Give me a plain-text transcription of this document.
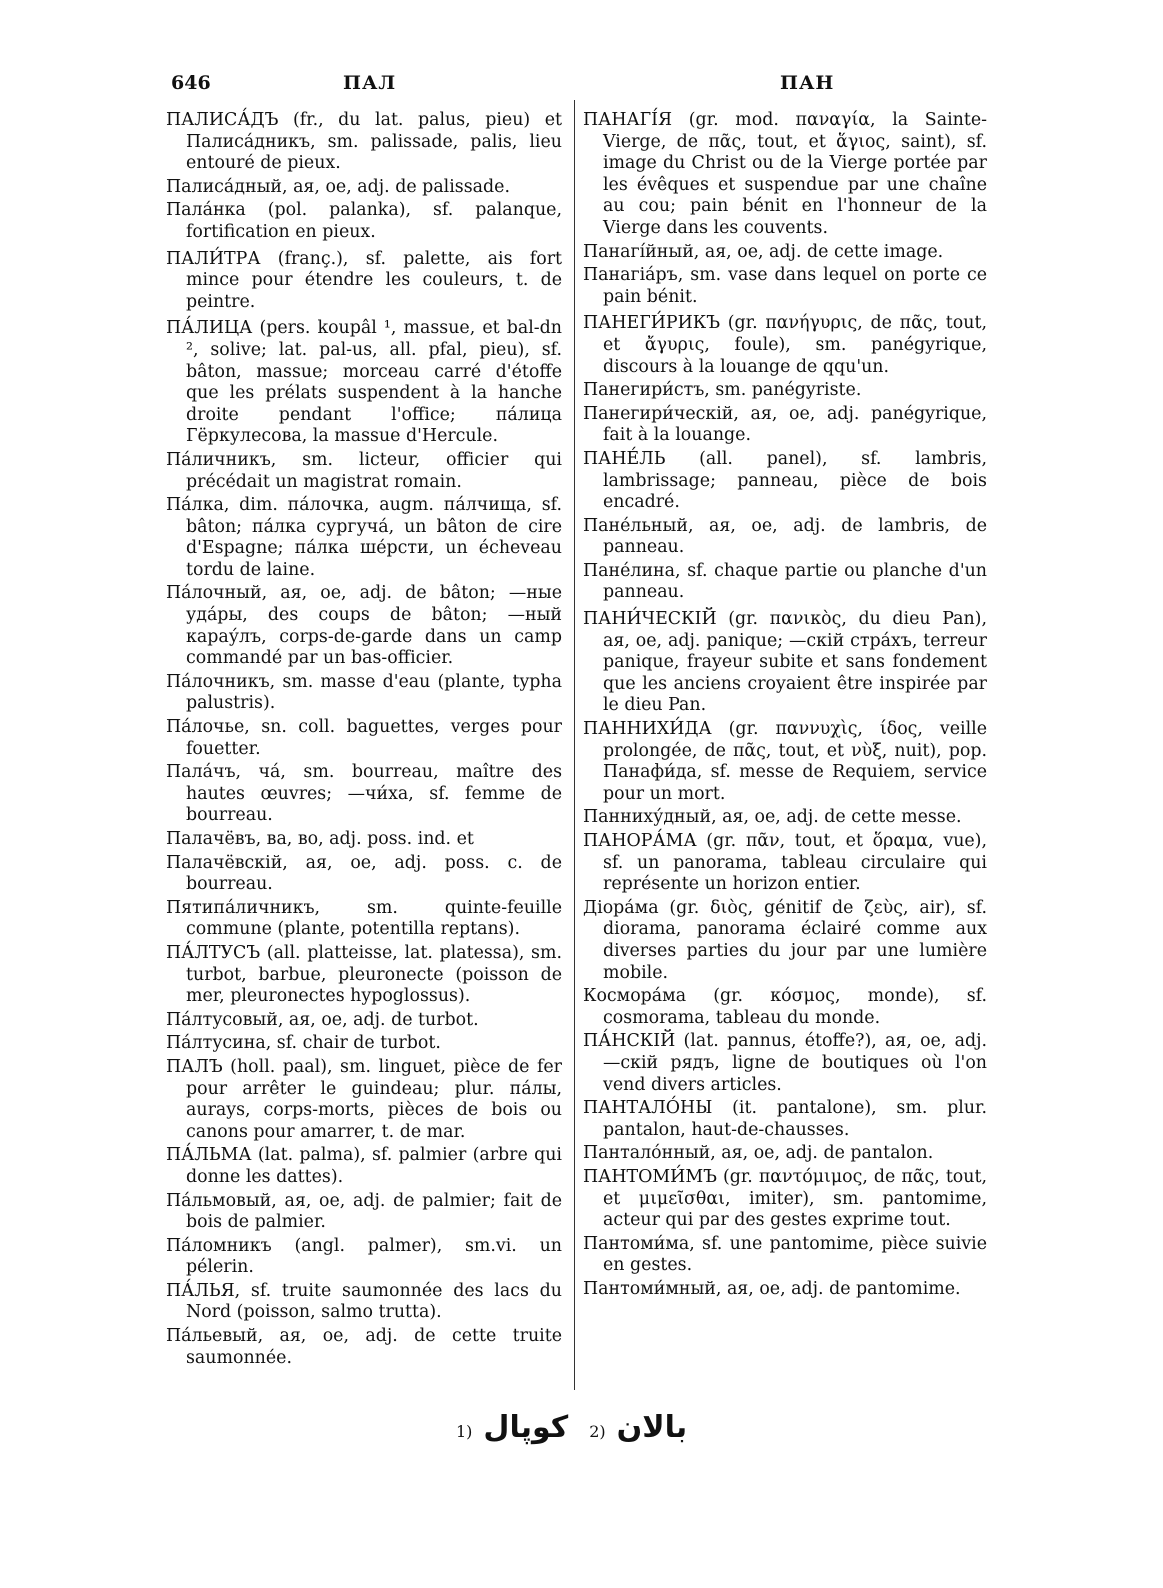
646	ПАЛ	ПАН

ПАЛИСА́ДЪ (fr., du lat. palus, pieu) et Палиса́дникъ, sm. palissade, palis, lieu entouré de pieux.

Палиса́дный, ая, ое, adj. de palissade.

Пала́нка (pol. palanka), sf. palanque, fortification en pieux.

ПАЛИ́ТРА (franç.), sf. palette, ais fort mince pour étendre les couleurs, t. de peintre.

ПА́ЛИЦА (pers. koupâl ¹, massue, et bal-dn ², solive; lat. pal-us, all. pfal, pieu), sf. bâton, massue; morceau carré d'étoffe que les prélats suspendent à la hanche droite pendant l'office; па́лица Гёркулесова, la massue d'Hercule.

Па́личникъ, sm. licteur, officier qui précédait un magistrat romain.

Па́лка, dim. па́лочка, augm. па́лчища, sf. bâton; па́лка сургуча́, un bâton de cire d'Espagne; па́лка ше́рсти, un écheveau tordu de laine.

Па́лочный, ая, ое, adj. de bâton; —ные уда́ры, des coups de bâton; —ный карау́лъ, corps-de-garde dans un camp commandé par un bas-officier.

Па́лочникъ, sm. masse d'eau (plante, typha palustris).

Па́лочье, sn. coll. baguettes, verges pour fouetter.

Пала́чъ, ча́, sm. bourreau, maître des hautes œuvres; —чи́ха, sf. femme de bourreau.

Палачёвъ, ва, во, adj. poss. ind. et

Палачёвскій, ая, ое, adj. poss. c. de bourreau.

Пятипа́личникъ, sm. quinte-feuille commune (plante, potentilla reptans).

ПА́ЛТУСЪ (all. platteisse, lat. platessa), sm. turbot, barbue, pleuronecte (poisson de mer, pleuronectes hypoglossus).

Па́лтусовый, ая, ое, adj. de turbot.

Па́лтусина, sf. chair de turbot.

ПАЛЪ (holl. paal), sm. linguet, pièce de fer pour arrêter le guindeau; plur. па́лы, aurays, corps-morts, pièces de bois ou canons pour amarrer, t. de mar.

ПА́ЛЬМА (lat. palma), sf. palmier (arbre qui donne les dattes).

Па́льмовый, ая, ое, adj. de palmier; fait de bois de palmier.

Па́ломникъ (angl. palmer), sm.vi. un pélerin.

ПА́ЛЬЯ, sf. truite saumonnée des lacs du Nord (poisson, salmo trutta).

Па́льевый, ая, ое, adj. de cette truite saumonnée.

ПАНАГІ́Я (gr. mod. παναγία, la Sainte-Vierge, de πᾶς, tout, et ἅγιος, saint), sf. image du Christ ou de la Vierge portée par les évêques et suspendue par une chaîne au cou; pain bénit en l'honneur de la Vierge dans les couvents.

Панагі́йный, ая, ое, adj. de cette image.

Панагіа́ръ, sm. vase dans lequel on porte ce pain bénit.

ПАНЕГИ́РИКЪ (gr. πανήγυρις, de πᾶς, tout, et ἄγυρις, foule), sm. panégyrique, discours à la louange de qqu'un.

Панегири́стъ, sm. panégyriste.

Панегири́ческій, ая, ое, adj. panégyrique, fait à la louange.

ПАНЕ́ЛЬ (all. panel), sf. lambris, lambrissage; panneau, pièce de bois encadré.

Пане́льный, ая, ое, adj. de lambris, de panneau.

Пане́лина, sf. chaque partie ou planche d'un panneau.

ПАНИ́ЧЕСКІЙ (gr. πανικὸς, du dieu Pan), ая, ое, adj. panique; —скій стра́хъ, terreur panique, frayeur subite et sans fondement que les anciens croyaient être inspirée par le dieu Pan.

ПАННИХИ́ДА (gr. παννυχὶς, ίδος, veille prolongée, de πᾶς, tout, et νὺξ, nuit), pop. Панафи́да, sf. messe de Requiem, service pour un mort.

Панниху́дный, ая, ое, adj. de cette messe.

ПАНОРА́МА (gr. πᾶν, tout, et ὅραμα, vue), sf. un panorama, tableau circulaire qui représente un horizon entier.

Діора́ма (gr. διὸς, génitif de ζεὺς, air), sf. diorama, panorama éclairé comme aux diverses parties du jour par une lumière mobile.

Космора́ма (gr. κόσμος, monde), sf. cosmorama, tableau du monde.

ПА́НСКІЙ (lat. pannus, étoffe?), ая, ое, adj. —скій рядъ, ligne de boutiques où l'on vend divers articles.

ПАНТАЛО́НЫ (it. pantalone), sm. plur. pantalon, haut-de-chausses.

Пантало́нный, ая, ое, adj. de pantalon.

ПАНТОМИ́МЪ (gr. παντόμιμος, de πᾶς, tout, et μιμεῖσθαι, imiter), sm. pantomime, acteur qui par des gestes exprime tout.

Пантоми́ма, sf. une pantomime, pièce suivie en gestes.

Пантоми́мный, ая, ое, adj. de pantomime.

1) كوپال 2) بالان
